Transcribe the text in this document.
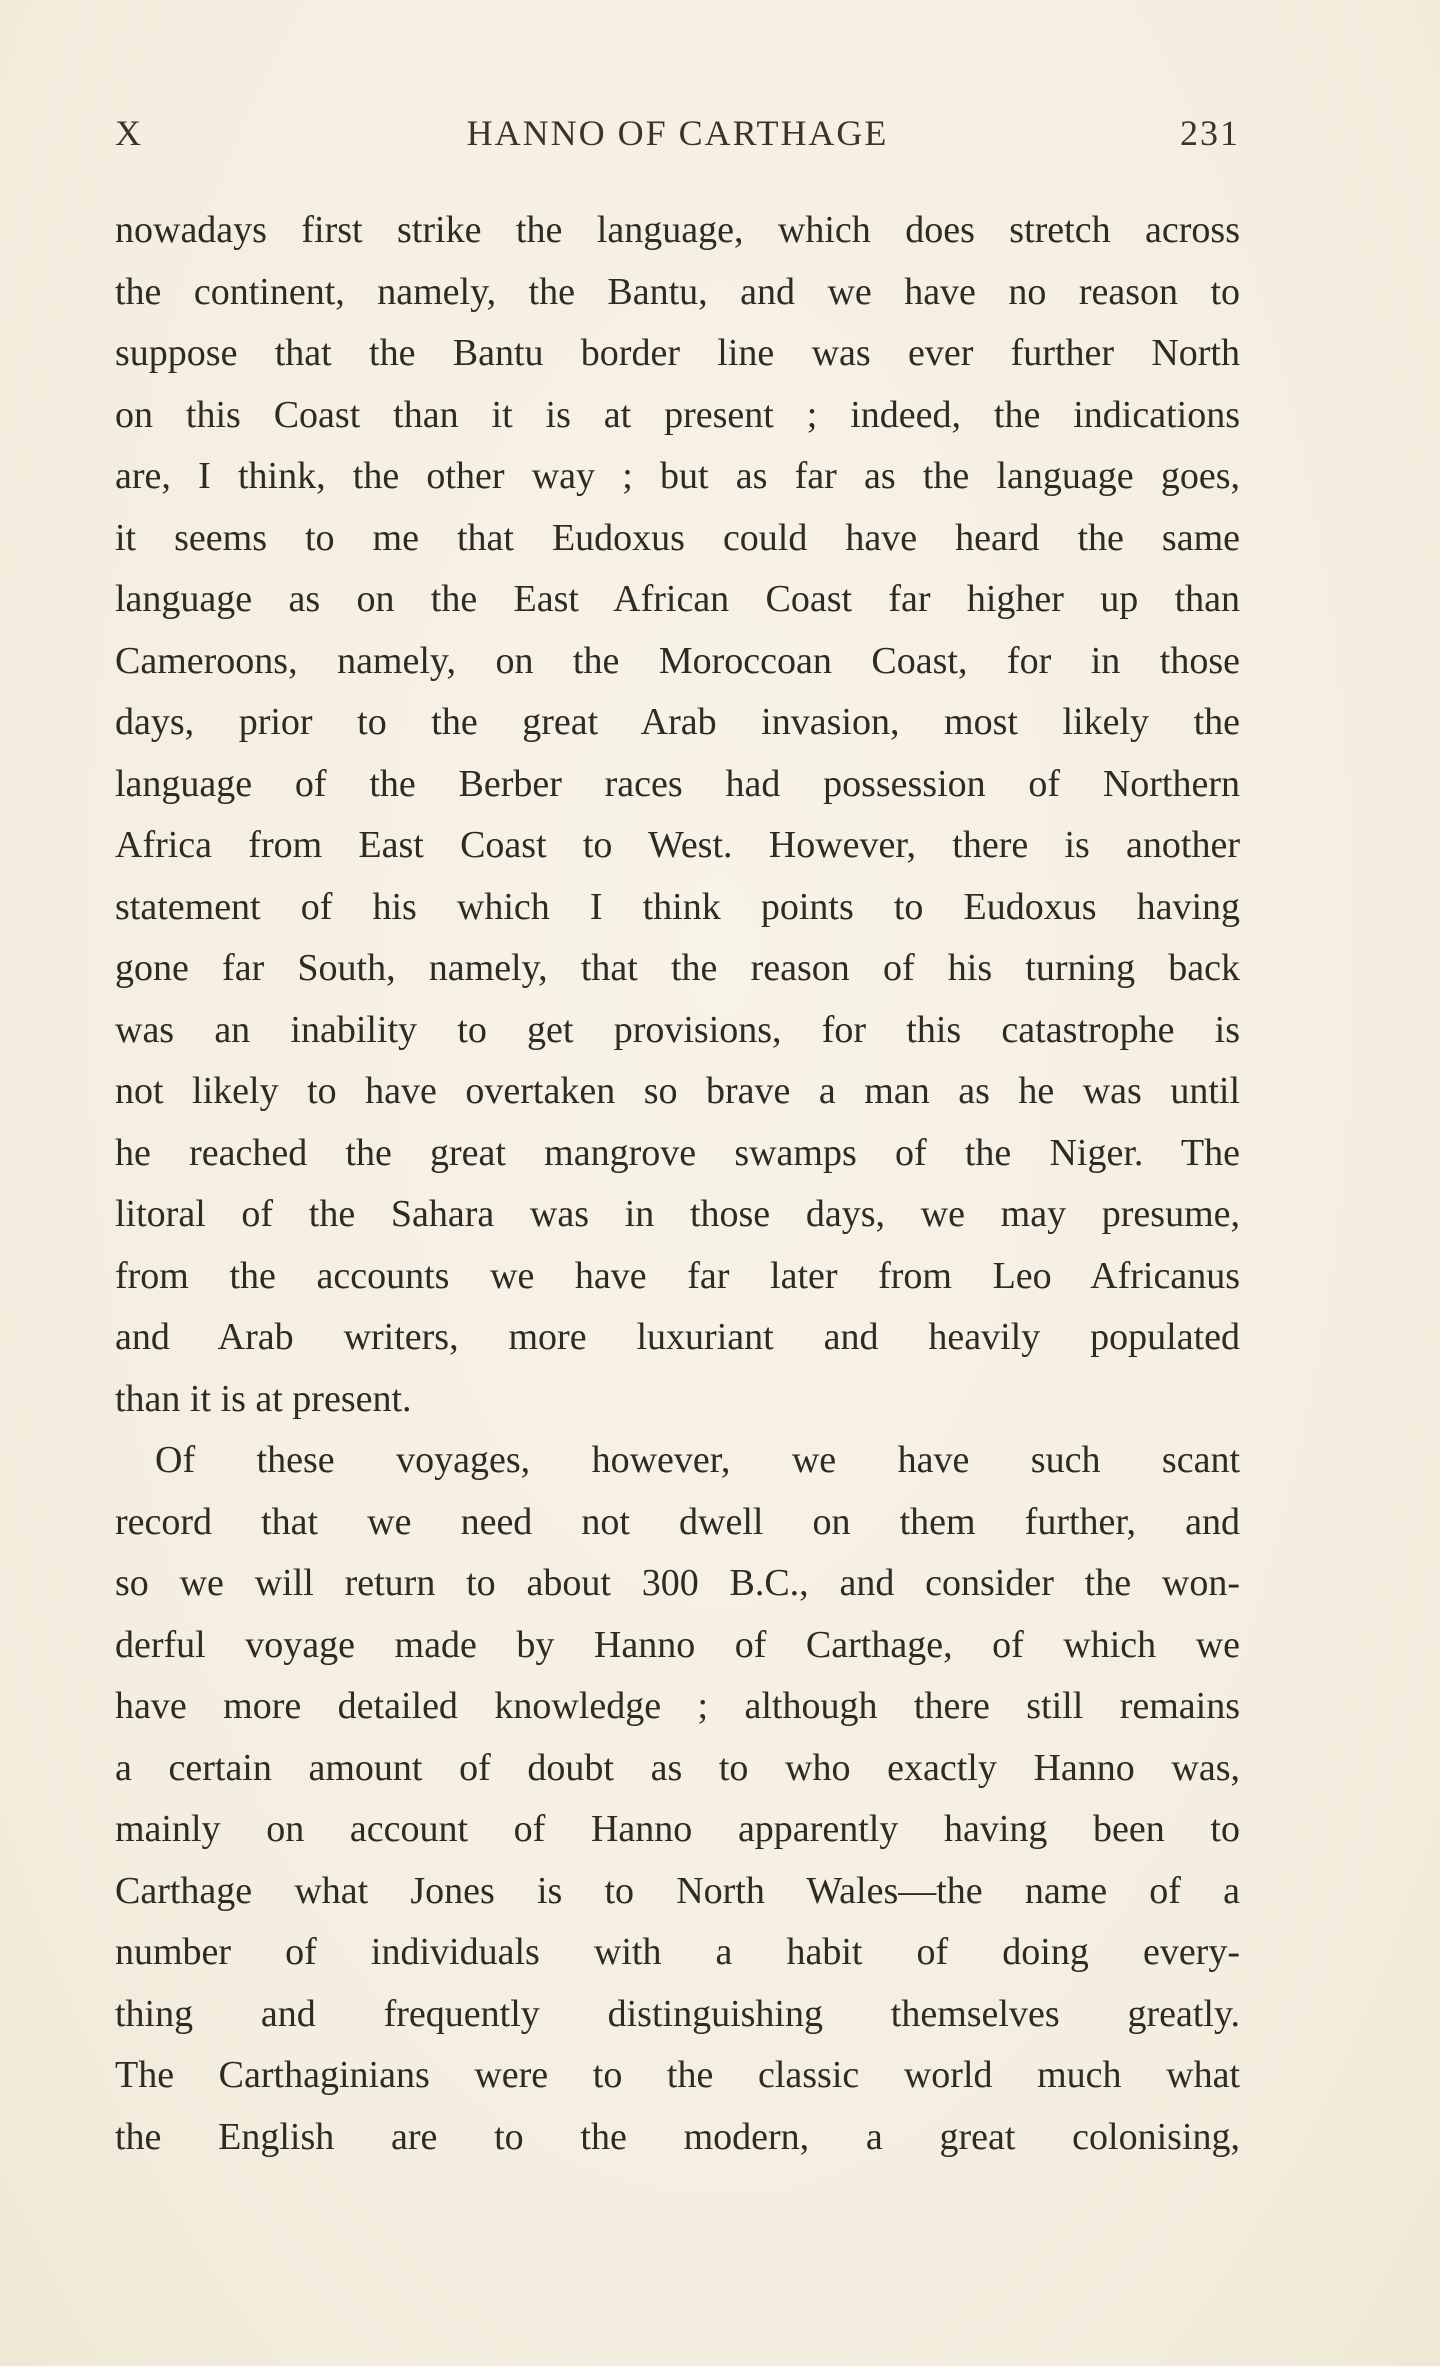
X	HANNO OF CARTHAGE	231
nowadays first strike the language, which does stretch across
the continent, namely, the Bantu, and we have no reason to
suppose that the Bantu border line was ever further North
on this Coast than it is at present ; indeed, the indications
are, I think, the other way ; but as far as the language goes,
it seems to me that Eudoxus could have heard the same
language as on the East African Coast far higher up than
Cameroons, namely, on the Moroccoan Coast, for in those
days, prior to the great Arab invasion, most likely the
language of the Berber races had possession of Northern
Africa from East Coast to West. However, there is another
statement of his which I think points to Eudoxus having
gone far South, namely, that the reason of his turning back
was an inability to get provisions, for this catastrophe is
not likely to have overtaken so brave a man as he was until
he reached the great mangrove swamps of the Niger. The
litoral of the Sahara was in those days, we may presume,
from the accounts we have far later from Leo Africanus
and Arab writers, more luxuriant and heavily populated
than it is at present.
Of these voyages, however, we have such scant
record that we need not dwell on them further, and
so we will return to about 300 B.C., and consider the won-
derful voyage made by Hanno of Carthage, of which we
have more detailed knowledge ; although there still remains
a certain amount of doubt as to who exactly Hanno was,
mainly on account of Hanno apparently having been to
Carthage what Jones is to North Wales—the name of a
number of individuals with a habit of doing every-
thing and frequently distinguishing themselves greatly.
The Carthaginians were to the classic world much what
the English are to the modern, a great colonising,
